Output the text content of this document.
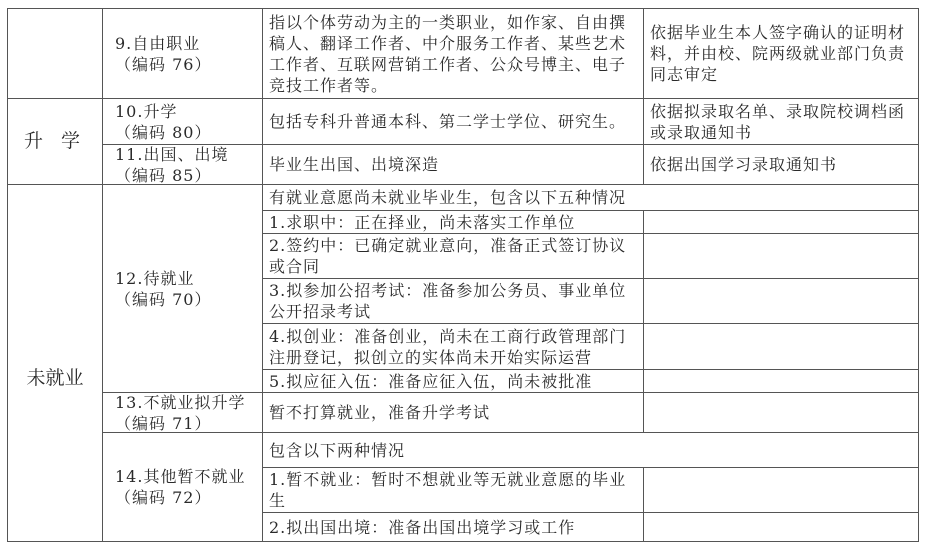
升 学
未就业
9.自由职业
（编码 76）
指以个体劳动为主的一类职业，如作家、自由撰稿人、翻译工作者、中介服务工作者、某些艺术工作者、互联网营销工作者、公众号博主、电子竞技工作者等。
依据毕业生本人签字确认的证明材料，并由校、院两级就业部门负责同志审定
10.升学
（编码 80）
包括专科升普通本科、第二学士学位、研究生。
依据拟录取名单、录取院校调档函或录取通知书
11.出国、出境
（编码 85）
毕业生出国、出境深造	依据出国学习录取通知书
12.待就业
（编码 70）
有就业意愿尚未就业毕业生，包含以下五种情况
1.求职中：正在择业，尚未落实工作单位
2.签约中：已确定就业意向，准备正式签订协议或合同
3.拟参加公招考试：准备参加公务员、事业单位公开招录考试
4.拟创业：准备创业，尚未在工商行政管理部门注册登记，拟创立的实体尚未开始实际运营
5.拟应征入伍：准备应征入伍，尚未被批准
13.不就业拟升学
（编码 71）
暂不打算就业，准备升学考试
14.其他暂不就业
（编码 72）
包含以下两种情况
1.暂不就业：暂时不想就业等无就业意愿的毕业生
2.拟出国出境：准备出国出境学习或工作
